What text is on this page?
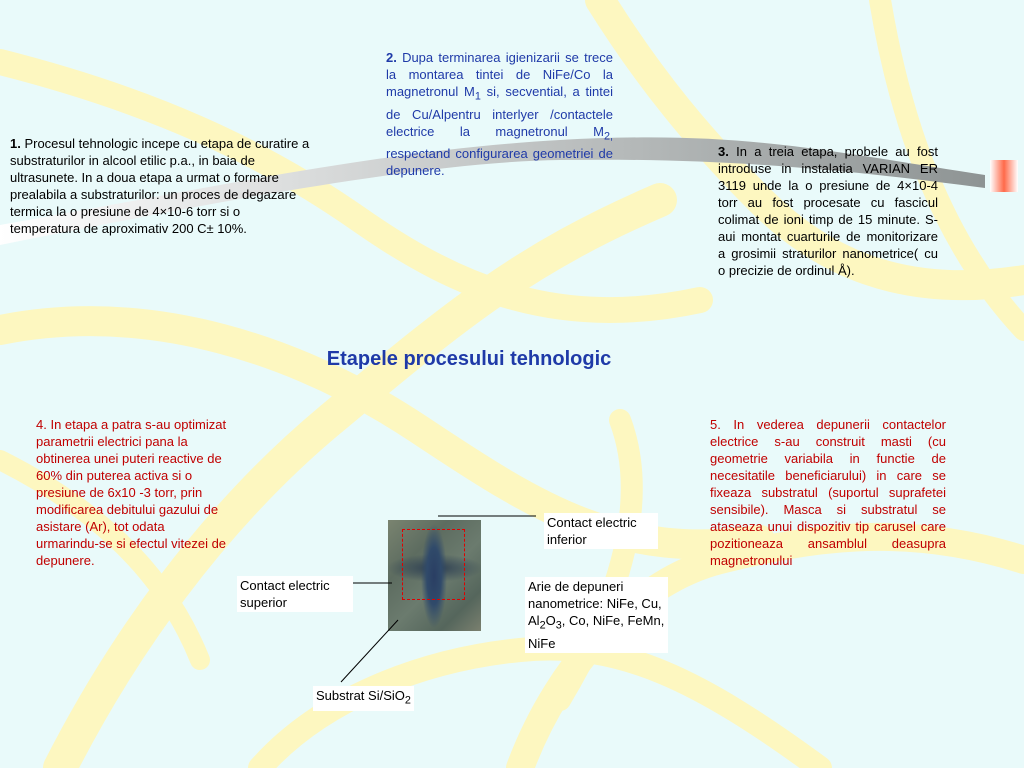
1. Procesul tehnologic incepe cu etapa de curatire a substraturilor in alcool etilic p.a., in baia de ultrasunete. In a doua etapa a urmat o formare prealabila a substraturilor: un proces de degazare termica la o presiune de 4×10-6 torr si o temperatura de aproximativ 200 C± 10%.

2. Dupa terminarea igienizarii se trece la montarea tintei de NiFe/Co la magnetronul $M_1$ si, secvential, a tintei de Cu/Alpentru interlyer /contactele electrice la magnetronul $M_{2,}$ respectand configurarea geometriei de depunere.

3. In a treia etapa, probele au fost introduse in instalatia VARIAN ER 3119 unde la o presiune de 4×10-4 torr au fost procesate cu fascicul colimat de ioni timp de 15 minute. S-aui montat cuarturile de monitorizare a grosimii straturilor nanometrice( cu o precizie de ordinul Å).

Etapele procesului tehnologic

4. In etapa a patra s-au optimizat parametrii electrici pana la obtinerea unei puteri reactive de 60% din puterea activa si o presiune de 6x10 -3 torr, prin modificarea debitului gazului de asistare (Ar), tot odata urmarindu-se si efectul vitezei de depunere.

5. In vederea depunerii contactelor electrice s-au construit masti (cu geometrie variabila in functie de necesitatile beneficiarului) in care se fixeaza substratul (suportul suprafetei sensibile). Masca si substratul se ataseaza unui dispozitiv tip carusel care pozitioneaza ansamblul deasupra magnetronului

Contact electric inferior

Contact electric superior

Arie de depuneri nanometrice: NiFe, Cu, $Al_2O_3$, Co, NiFe, FeMn, NiFe

Substrat Si/SiO$_2$
